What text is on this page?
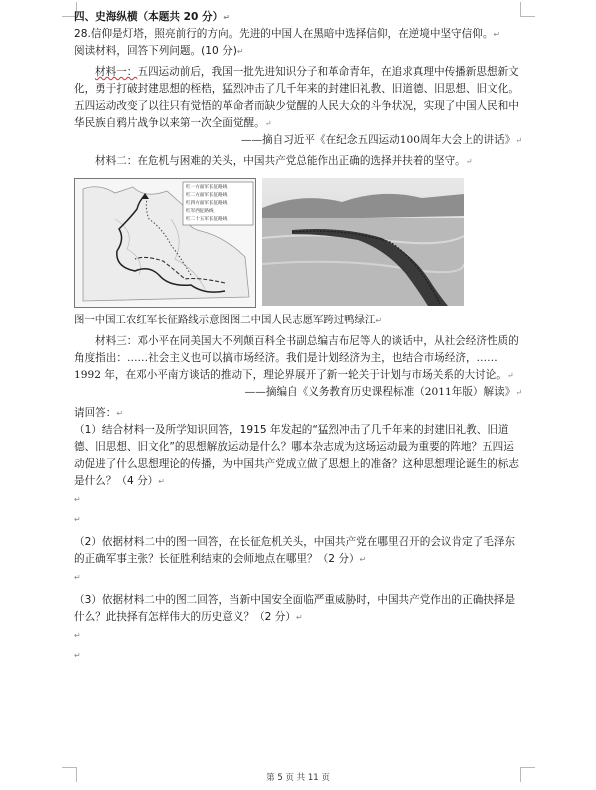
四、史海纵横（本题共 20 分）↵
28.信仰是灯塔，照亮前行的方向。先进的中国人在黑暗中选择信仰，在逆境中坚守信仰。↵
阅读材料，回答下列问题。(10 分)↵
材料一：五四运动前后，我国一批先进知识分子和革命青年，在追求真理中传播新思想新文化，勇于打破封建思想的桎梏，猛烈冲击了几千年来的封建旧礼教、旧道德、旧思想、旧文化。五四运动改变了以往只有觉悟的革命者而缺少觉醒的人民大众的斗争状况，实现了中国人民和中华民族自鸦片战争以来第一次全面觉醒。↵
——摘自习近平《在纪念五四运动100周年大会上的讲话》↵
材料二：在危机与困难的关头，中国共产党总能作出正确的选择并扶着的坚守。↵
红一方面军长征路线
红二方面军长征路线
红四方面军长征路线
红军西征路线
红二十五军长征路线
图一中国工农红军长征路线示意图图二中国人民志愿军跨过鸭绿江↵
材料三：邓小平在同美国大不列颠百科全书副总编吉布尼等人的谈话中，从社会经济性质的角度指出：……社会主义也可以搞市场经济。我们是计划经济为主，也结合市场经济，……1992 年，在邓小平南方谈话的推动下，理论界展开了新一轮关于计划与市场关系的大讨论。↵
——摘编自《义务教育历史课程标准（2011年版）解读》↵
请回答：↵
（1）结合材料一及所学知识回答，1915 年发起的“猛烈冲击了几千年来的封建旧礼教、旧道德、旧思想、旧文化”的思想解放运动是什么？哪本杂志成为这场运动最为重要的阵地？五四运动促进了什么思想理论的传播，为中国共产党成立做了思想上的准备？这种思想理论诞生的标志是什么？（4 分）↵
↵
↵
（2）依据材料二中的图一回答，在长征危机关头，中国共产党在哪里召开的会议肯定了毛泽东的正确军事主张？长征胜利结束的会师地点在哪里？（2 分）↵
↵
（3）依据材料二中的图二回答，当新中国安全面临严重威胁时，中国共产党作出的正确抉择是什么？此抉择有怎样伟大的历史意义？（2 分）↵
↵
↵
第 5 页 共 11 页
